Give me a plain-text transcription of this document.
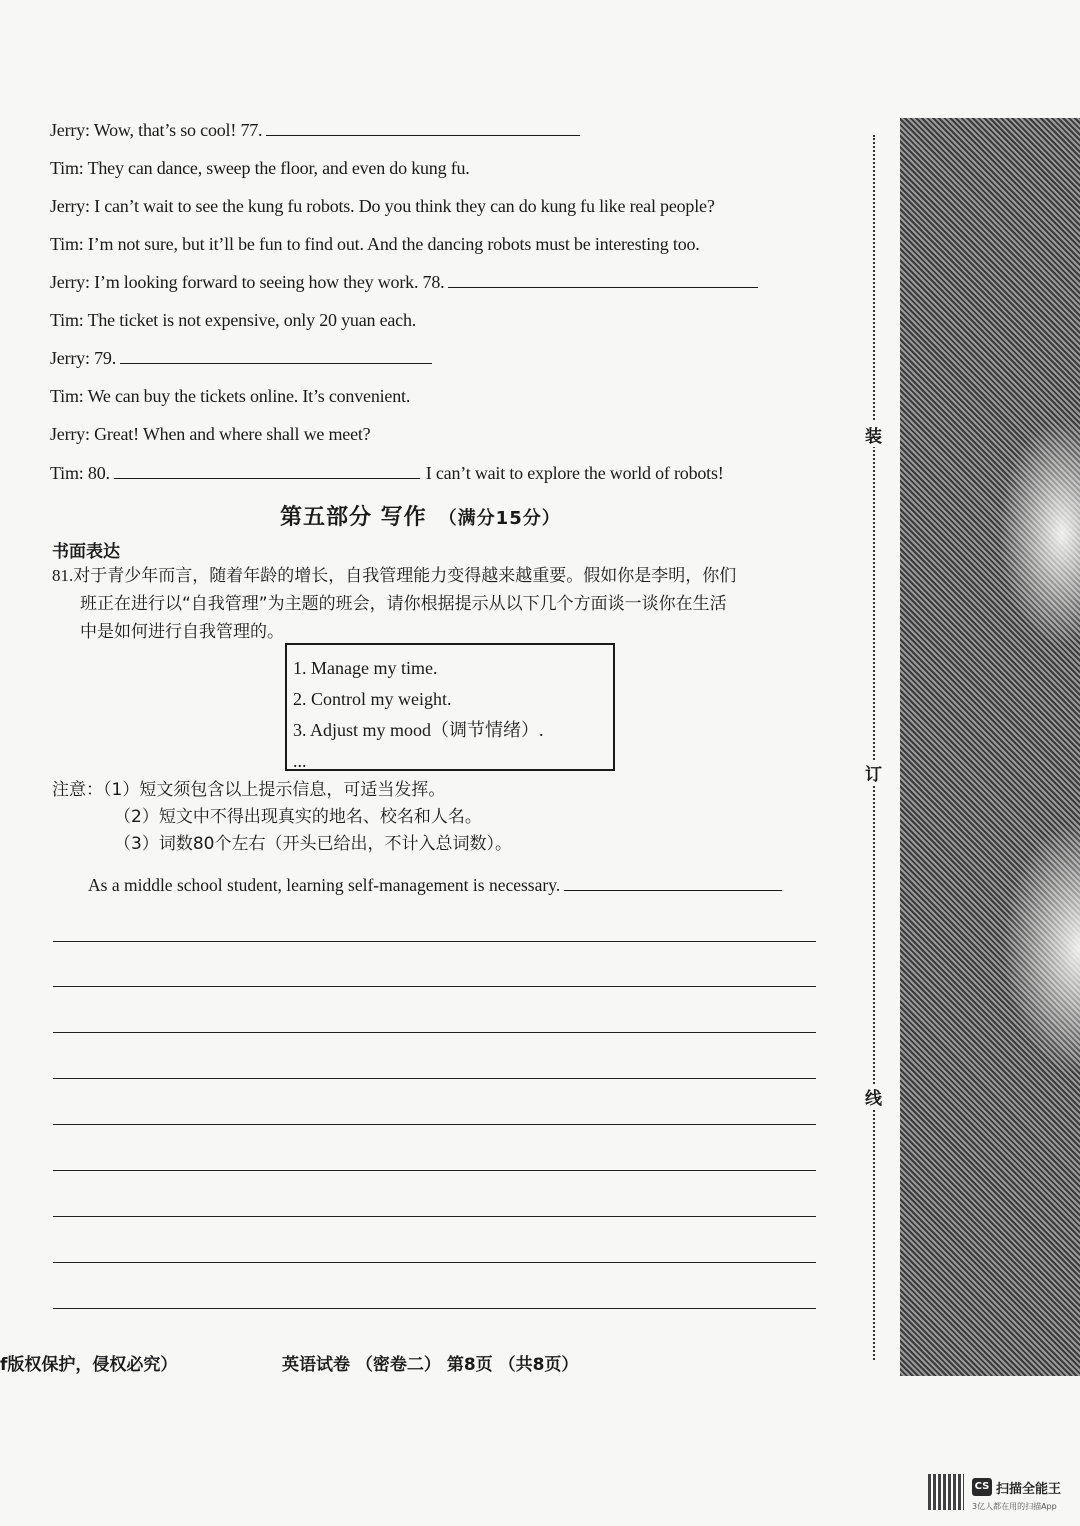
Jerry: Wow, that’s so cool! 77.
Tim: They can dance, sweep the floor, and even do kung fu.
Jerry: I can’t wait to see the kung fu robots. Do you think they can do kung fu like real people?
Tim: I’m not sure, but it’ll be fun to find out. And the dancing robots must be interesting too.
Jerry: I’m looking forward to seeing how they work. 78.
Tim: The ticket is not expensive, only 20 yuan each.
Jerry: 79.
Tim: We can buy the tickets online. It’s convenient.
Jerry: Great! When and where shall we meet?
Tim: 80.	I can’t wait to explore the world of robots!
第五部分 写作 （满分15分）
书面表达
81.对于青少年而言，随着年龄的增长，自我管理能力变得越来越重要。假如你是李明，你们
班正在进行以“自我管理”为主题的班会，请你根据提示从以下几个方面谈一谈你在生活
中是如何进行自我管理的。
1. Manage my time.
2. Control my weight.
3. Adjust my mood（调节情绪）.
...
注意：（1）短文须包含以上提示信息，可适当发挥。
（2）短文中不得出现真实的地名、校名和人名。
（3）词数80个左右（开头已给出，不计入总词数）。
As a middle school student, learning self-management is necessary.
f版权保护，侵权必究）	英语试卷 （密卷二） 第8页 （共8页）
装
订
线
CS 扫描全能王
3亿人都在用的扫描App
